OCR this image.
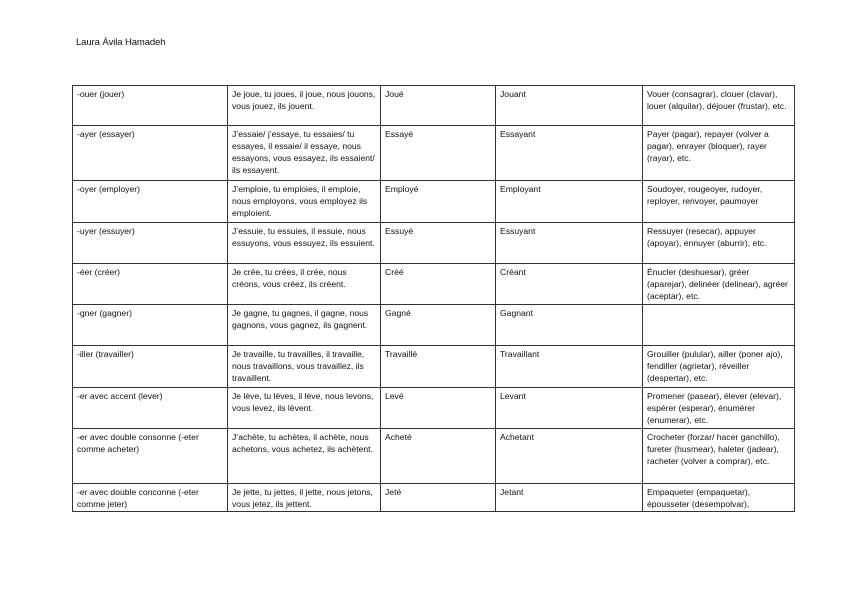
Laura Ávila Hamadeh
-ouer (jouer)	Je joue, tu joues, il joue, nous jouons, vous jouez, ils jouent.	Joué	Jouant	Vouer (consagrar), clouer (clavar), louer (alquilar), déjouer (frustar), etc.
-ayer (essayer)	J’essaie/ j’essaye, tu essaies/ tu essayes, il essaie/ il essaye, nous essayons, vous essayez, ils essaient/ ils essayent.	Essayé	Essayant	Payer (pagar), repayer (volver a pagar), enrayer (bloquer), rayer (rayar), etc.
-oyer (employer)	J’emploie, tu emploies, il emploie, nous employons, vous employez ils emploient.	Employé	Employant	Soudoyer, rougeoyer, rudoyer, reployer, renvoyer, paumoyer
-uyer (essuyer)	J’essuie, tu essuies, il essuie, nous essuyons, vous essuyez, ils essuient.	Essuyé	Essuyant	Ressuyer (resecar), appuyer (apoyar), ennuyer (aburrir), etc.
-éer (créer)	Je crée, tu crées, il crée, nous créons, vous créez, ils créent.	Créé	Créant	Énucler (deshuesar), gréer (aparejar), delinéer (delinear), agréer (aceptar), etc.
-gner (gagner)	Je gagne, tu gagnes, il gagne, nous gagnons, vous gagnez, ils gagnent.	Gagné	Gagnant	
-iller (travailler)	Je travaille, tu travailles, il travaille, nous travaillons, vous travaillez, ils travaillent.	Travaillé	Travaillant	Grouiller (pulular), ailler (poner ajo), fendiller (agrietar), réveiller (despertar), etc.
-er avec accent (lever)	Je lève, tu lèves, il lève, nous levons, vous levez, ils lèvent.	Levé	Levant	Promener (pasear), élever (elevar), espérer (esperar), énumérer (enumerar), etc.
-er avec double consonne (-eter comme acheter)	J’achète, tu achètes, il achète, nous achetons, vous achetez, ils achètent.	Acheté	Achetant	Crocheter (forzar/ hacer ganchillo), fureter (husmear), haleter (jadear), racheter (volver a comprar), etc.
-er avec double conconne (-eter comme jeter)	Je jette, tu jettes, il jette, nous jetons, vous jetez, ils jettent.	Jeté	Jetant	Empaqueter (empaquetar), épousseter (desempolvar),
